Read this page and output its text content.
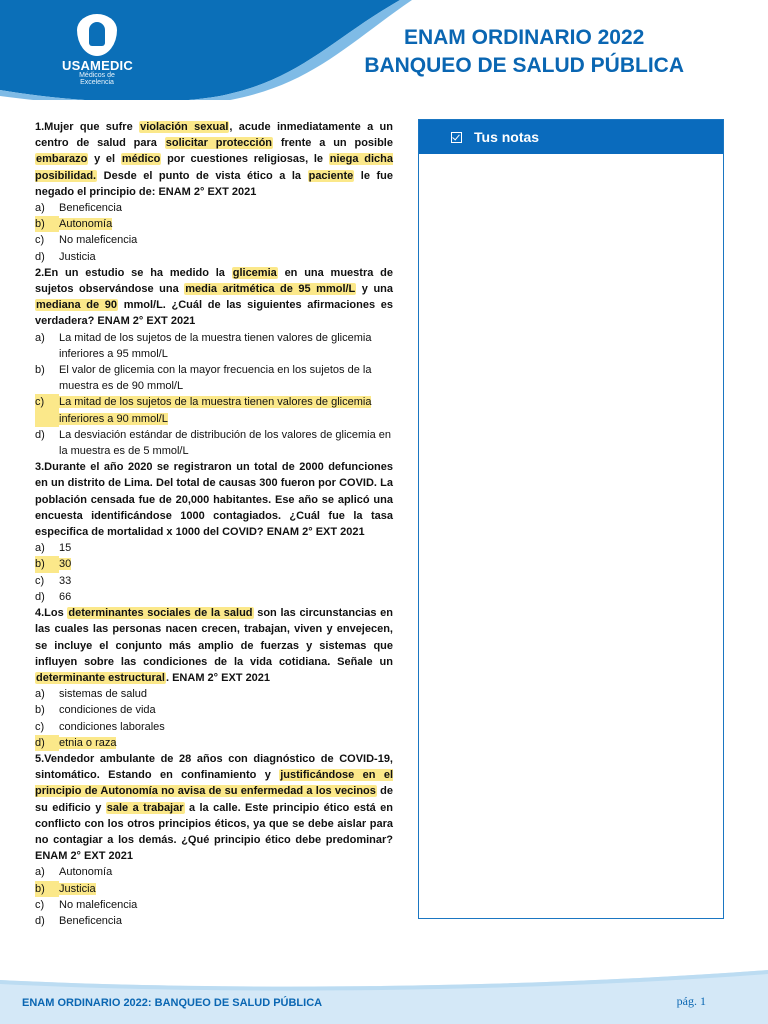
USAMEDIC
Médicos de Excelencia
ENAM ORDINARIO 2022
BANQUEO DE SALUD PÚBLICA
1.Mujer que sufre violación sexual, acude inmediatamente a un centro de salud para solicitar protección frente a un posible embarazo y el médico por cuestiones religiosas, le niega dicha posibilidad. Desde el punto de vista ético a la paciente le fue negado el principio de: ENAM 2° EXT 2021
a)	Beneficencia
b)	Autonomía
c)	No maleficencia
d)	Justicia
2.En un estudio se ha medido la glicemia en una muestra de sujetos observándose una media aritmética de 95 mmol/L y una mediana de 90 mmol/L. ¿Cuál de las siguientes afirmaciones es verdadera? ENAM 2° EXT 2021
a)	La mitad de los sujetos de la muestra tienen valores de glicemia inferiores a 95 mmol/L
b)	El valor de glicemia con la mayor frecuencia en los sujetos de la muestra es de 90 mmol/L
c)	La mitad de los sujetos de la muestra tienen valores de glicemia inferiores a 90 mmol/L
d)	La desviación estándar de distribución de los valores de glicemia en la muestra es de 5 mmol/L
3.Durante el año 2020 se registraron un total de 2000 defunciones en un distrito de Lima. Del total de causas 300 fueron por COVID. La población censada fue de 20,000 habitantes. Ese año se aplicó una encuesta identificándose 1000 contagiados. ¿Cuál fue la tasa especifica de mortalidad x 1000 del COVID? ENAM 2° EXT 2021
a)	15
b)	30
c)	33
d)	66
4.Los determinantes sociales de la salud son las circunstancias en las cuales las personas nacen crecen, trabajan, viven y envejecen, se incluye el conjunto más amplio de fuerzas y sistemas que influyen sobre las condiciones de la vida cotidiana. Señale un determinante estructural. ENAM 2° EXT 2021
a)	sistemas de salud
b)	condiciones de vida
c)	condiciones laborales
d)	etnia o raza
5.Vendedor ambulante de 28 años con diagnóstico de COVID-19, sintomático. Estando en confinamiento y justificándose en el principio de Autonomía no avisa de su enfermedad a los vecinos de su edificio y sale a trabajar a la calle. Este principio ético está en conflicto con los otros principios éticos, ya que se debe aislar para no contagiar a los demás. ¿Qué principio ético debe predominar? ENAM 2° EXT 2021
a)	Autonomía
b)	Justicia
c)	No maleficencia
d)	Beneficencia
Tus notas
ENAM ORDINARIO 2022: BANQUEO DE SALUD PÚBLICA	pág. 1
